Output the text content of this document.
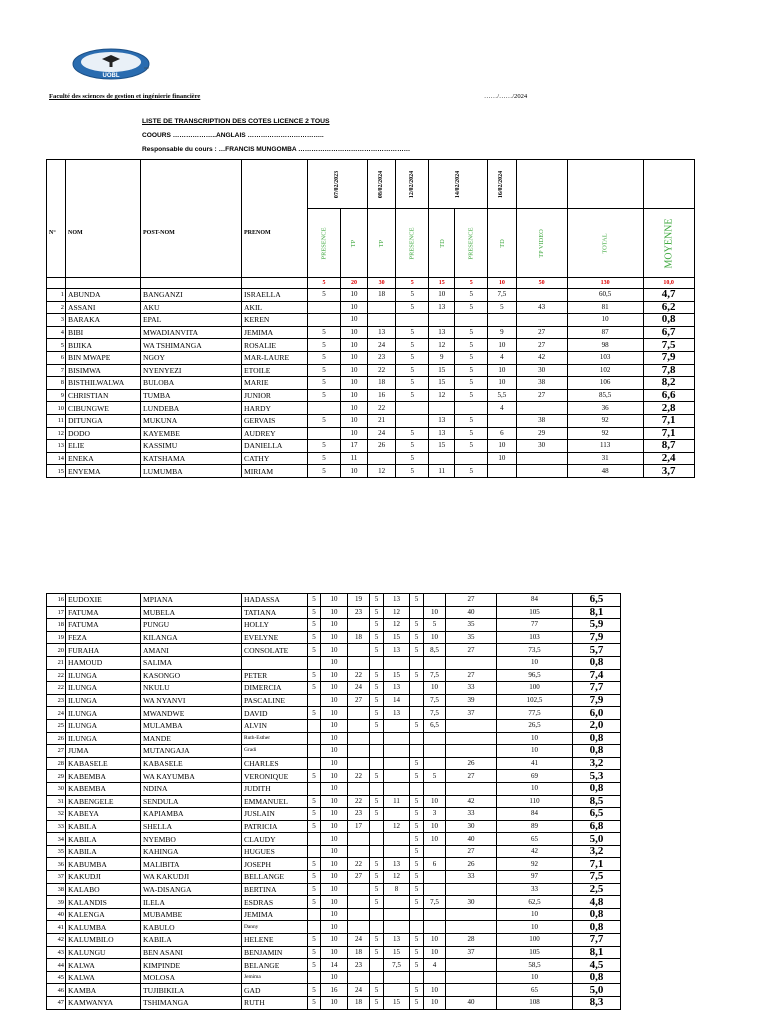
UOBL
Faculté des sciences de gestion et ingénierie financière	……/……/2024
LISTE DE TRANSCRIPTION DES COTES LICENCE 2 TOUS
COOURS ………………..ANGLAIS ……………………………..
Responsable du cours : …FRANCIS MUNGOMBA ……………………………………………
N°	NOM	POST-NOM	PRENOM	07/02/2023		08/02/2024	12/02/2024	14/02/2024		16/02/2024			

				PRESENCE	TP	TP	PRESENCE	TD	PRESENCE	TD	TP VIDEO	TOTAL	MOYENNE

				5	20	30	5	15	5	10	50	130	10,0
1	ABUNDA	BANGANZI	ISRAELLA	5	10	18	5	10	5	7,5		60,5	4,7
2	ASSANI	AKU	AKIL		10		5	13	5	5	43	81	6,2
3	BARAKA	EPAL	KEREN		10							10	0,8
4	BIBI	MWADIANVITA	JEMIMA	5	10	13	5	13	5	9	27	87	6,7
5	BIJIKA	WA TSHIMANGA	ROSALIE	5	10	24	5	12	5	10	27	98	7,5
6	BIN MWAPE	NGOY	MAR-LAURE	5	10	23	5	9	5	4	42	103	7,9
7	BISIMWA	NYENYEZI	ETOILE	5	10	22	5	15	5	10	30	102	7,8
8	BISTHILWALWA	BULOBA	MARIE	5	10	18	5	15	5	10	38	106	8,2
9	CHRISTIAN	TUMBA	JUNIOR	5	10	16	5	12	5	5,5	27	85,5	6,6
10	CIBUNGWE	LUNDEBA	HARDY		10	22				4		36	2,8
11	DITUNGA	MUKUNA	GERVAIS	5	10	21		13	5		38	92	7,1
12	DODO	KAYEMBE	AUDREY		10	24	5	13	5	6	29	92	7,1
13	ELIE	KASSIMU	DANIELLA	5	17	26	5	15	5	10	30	113	8,7
14	ENEKA	KATSHAMA	CATHY	5	11		5			10		31	2,4
15	ENYEMA	LUMUMBA	MIRIAM	5	10	12	5	11	5			48	3,7
16	EUDOXIE	MPIANA	HADASSA	5	10	19	5	13	5		27	84	6,5
17	FATUMA	MUBELA	TATIANA	5	10	23	5	12		10	40	105	8,1
18	FATUMA	PUNGU	HOLLY	5	10		5	12	5	5	35	77	5,9
19	FEZA	KILANGA	EVELYNE	5	10	18	5	15	5	10	35	103	7,9
20	FURAHA	AMANI	CONSOLATE	5	10		5	13	5	8,5	27	73,5	5,7
21	HAMOUD	SALIMA			10							10	0,8
22	ILUNGA	KASONGO	PETER	5	10	22	5	15	5	7,5	27	96,5	7,4
22	ILUNGA	NKULU	DIMERCIA	5	10	24	5	13		10	33	100	7,7
23	ILUNGA	WA NYANVI	PASCALINE		10	27	5	14		7,5	39	102,5	7,9
24	ILUNGA	MWANDWE	DAVID	5	10		5	13		7,5	37	77,5	6,0
25	ILUNGA	MULAMBA	ALVIN		10		5		5	6,5		26,5	2,0
26	ILUNGA	MANDE	Ruth-Esther		10							10	0,8
27	JUMA	MUTANGAJA	Gradi		10							10	0,8
28	KABASELE	KABASELE	CHARLES		10				5		26	41	3,2
29	KABEMBA	WA KAYUMBA	VERONIQUE	5	10	22	5		5	5	27	69	5,3
30	KABEMBA	NDINA	JUDITH		10							10	0,8
31	KABENGELE	SENDULA	EMMANUEL	5	10	22	5	11	5	10	42	110	8,5
32	KABEYA	KAPIAMBA	JUSLAIN	5	10	23	5		5	3	33	84	6,5
33	KABILA	SHELLA	PATRICIA	5	10	17		12	5	10	30	89	6,8
34	KABILA	NYEMBO	CLAUDY		10				5	10	40	65	5,0
35	KABILA	KAHINGA	HUGUES		10				5		27	42	3,2
36	KABUMBA	MALIBITA	JOSEPH	5	10	22	5	13	5	6	26	92	7,1
37	KAKUDJI	WA KAKUDJI	BELLANGE	5	10	27	5	12	5		33	97	7,5
38	KALABO	WA-DISANGA	BERTINA	5	10		5	8	5			33	2,5
39	KALANDIS	ILELA	ESDRAS	5	10		5		5	7,5	30	62,5	4,8
40	KALENGA	MUBAMBE	JEMIMA		10							10	0,8
41	KALUMBA	KABULO	Danny		10							10	0,8
42	KALUMBILO	KABILA	HELENE	5	10	24	5	13	5	10	28	100	7,7
43	KALUNGU	BEN ASANI	BENJAMIN	5	10	18	5	15	5	10	37	105	8,1
44	KALWA	KIMPINDE	BELANGE	5	14	23		7,5	5	4		58,5	4,5
45	KALWA	MOLOSA	Jemima		10							10	0,8
46	KAMBA	TUJIBIKILA	GAD	5	16	24	5		5	10		65	5,0
47	KAMWANYA	TSHIMANGA	RUTH	5	10	18	5	15	5	10	40	108	8,3
